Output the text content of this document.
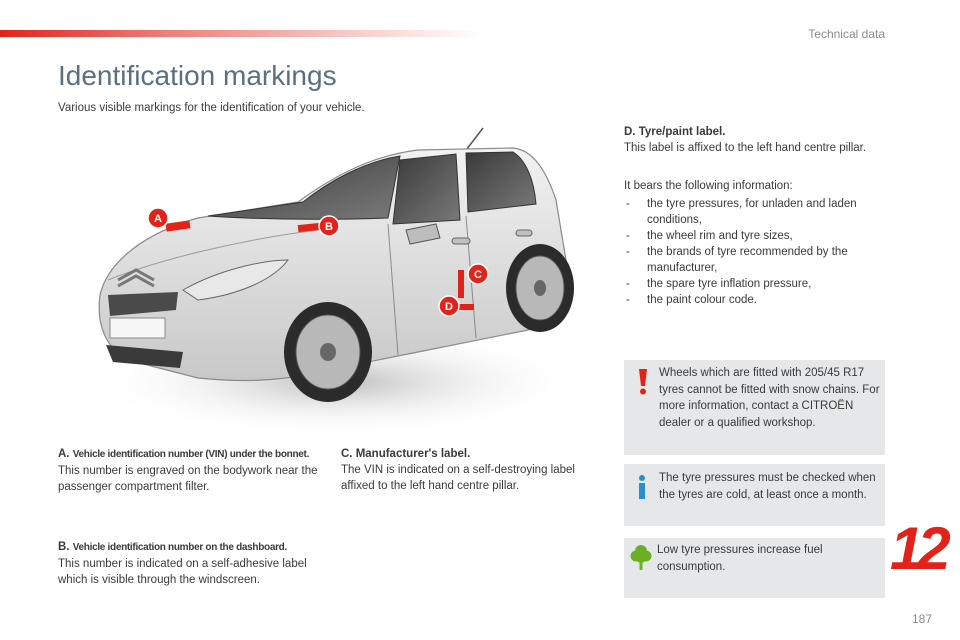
Technical data
Identification markings

Various visible markings for the identification of your vehicle.

A
B
C
D
A. Vehicle identification number (VIN) under the bonnet.
This number is engraved on the bodywork near the passenger compartment filter.
B. Vehicle identification number on the dashboard.
This number is indicated on a self-adhesive label which is visible through the windscreen.
C. Manufacturer's label.
The VIN is indicated on a self-destroying label affixed to the left hand centre pillar.
D. Tyre/paint label.
This label is affixed to the left hand centre pillar.
It bears the following information:
- the tyre pressures, for unladen and laden conditions,
- the wheel rim and tyre sizes,
- the brands of tyre recommended by the manufacturer,
- the spare tyre inflation pressure,
- the paint colour code.
Wheels which are fitted with 205/45 R17 tyres cannot be fitted with snow chains. For more information, contact a CITROËN dealer or a qualified workshop.
The tyre pressures must be checked when the tyres are cold, at least once a month.
Low tyre pressures increase fuel consumption.	12
187
